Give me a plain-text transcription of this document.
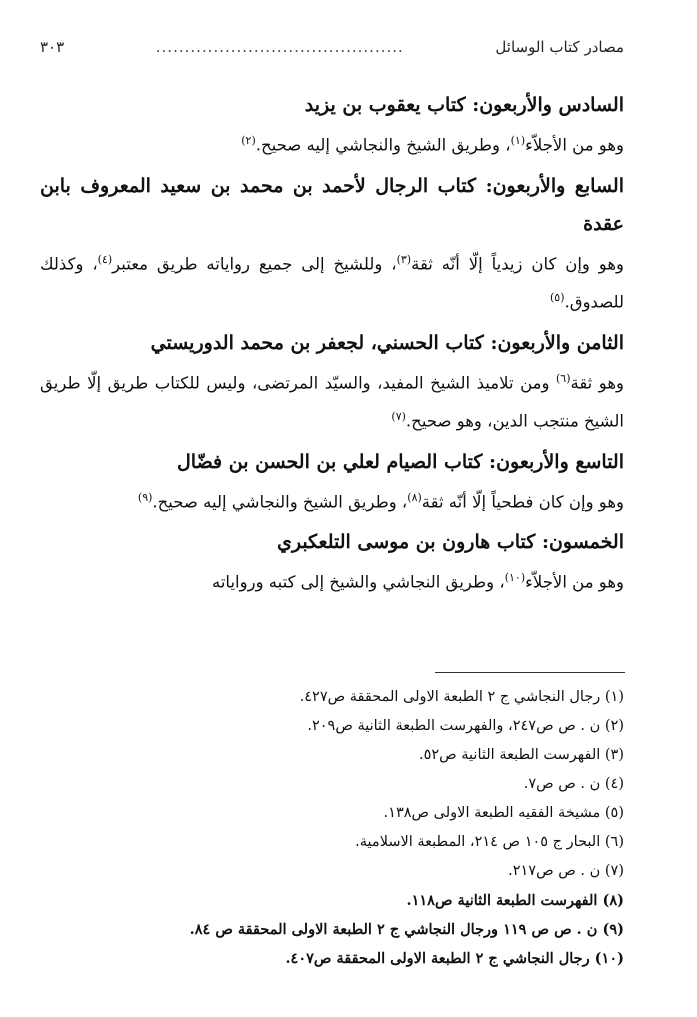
مصادر كتاب الوسائل
...........................................
٣٠٣
السادس والأربعون: كتاب يعقوب بن يزيد

وهو من الأجلاّء$^{(١)}$، وطريق الشيخ والنجاشي إليه صحيح.$^{(٢)}$

السابع والأربعون: كتاب الرجال لأحمد بن محمد بن سعيد المعروف بابن عقدة

وهو وإن كان زيدياً إلّا أنّه ثقة$^{(٣)}$، وللشيخ إلى جميع رواياته طريق معتبر$^{(٤)}$، وكذلك للصدوق.$^{(٥)}$

الثامن والأربعون: كتاب الحسني، لجعفر بن محمد الدوريستي

وهو ثقة$^{(٦)}$ ومن تلاميذ الشيخ المفيد، والسيّد المرتضى، وليس للكتاب طريق إلّا طريق الشيخ منتجب الدين، وهو صحيح.$^{(٧)}$

التاسع والأربعون: كتاب الصيام لعلي بن الحسن بن فضّال

وهو وإن كان فطحياً إلّا أنّه ثقة$^{(٨)}$، وطريق الشيخ والنجاشي إليه صحيح.$^{(٩)}$

الخمسون: كتاب هارون بن موسى التلعكبري

وهو من الأجلاّء$^{(١٠)}$، وطريق النجاشي والشيخ إلى كتبه ورواياته

(١) رجال النجاشي ج ٢ الطبعة الاولى المحققة ص٤٢٧.

(٢) ن . ص ص٢٤٧، والفهرست الطبعة الثانية ص٢٠٩.

(٣) الفهرست الطبعة الثانية ص٥٢.

(٤) ن . ص ص٧.

(٥) مشيخة الفقيه الطبعة الاولى ص١٣٨.

(٦) البحار ج ١٠٥ ص ٢١٤، المطبعة الاسلامية.

(٧) ن . ص ص٢١٧.

(٨) الفهرست الطبعة الثانية ص١١٨.

(٩) ن . ص ص ١١٩ ورجال النجاشي ج ٢ الطبعة الاولى المحققة ص ٨٤.

(١٠) رجال النجاشي ج ٢ الطبعة الاولى المحققة ص٤٠٧.
